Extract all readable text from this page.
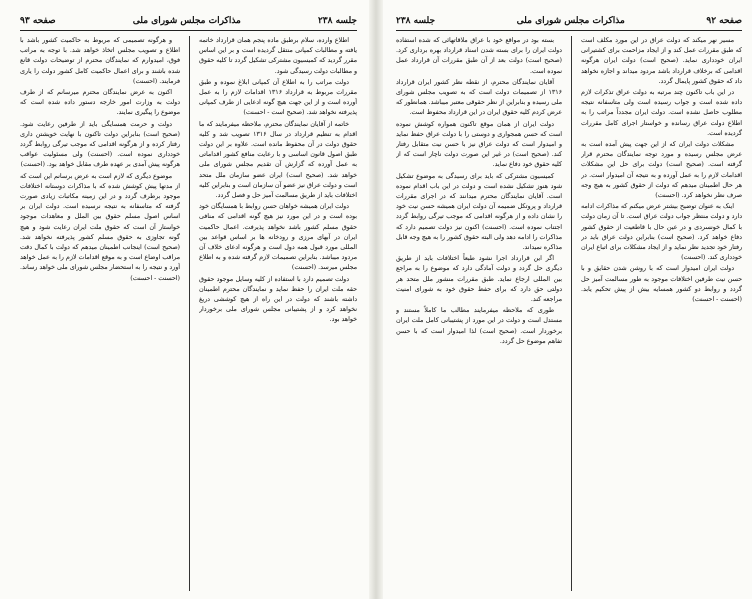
جلسه ۲۳۸
مذاکرات مجلس شورای ملی
صفحه ۹۳

اطلاع وارده، سلام برطبق ماده پنجم همان قرارداد خاتمه یافته و مطالبات کمپانی منتقل گردیده است و بر این اساس مقرر گردید که کمیسیون مشترکی تشکیل گردد تا کلیه حقوق و مطالبات دولت رسیدگی شود.

دولت مراتب را به اطلاع آن کمپانی ابلاغ نموده و طبق مقررات مربوط به قرارداد ۱۳۱۶ اقدامات لازم را به عمل آورده است و از این جهت هیچ گونه ادعایی از طرف کمپانی پذیرفته نخواهد شد. (صحیح است - احسنت)

خاتمه از آقایان نمایندگان محترم، ملاحظه میفرمایند که ما اقدام به تنظیم قرارداد در سال ۱۳۱۶ تصویب شد و کلیه حقوق دولت در آن محفوظ مانده است. علاوه بر این دولت طبق اصول قانون اساسی و با رعایت منافع کشور اقداماتی به عمل آورده که گزارش آن تقدیم مجلس شورای ملی خواهد شد. (صحیح است) ایران عضو سازمان ملل متحد است و دولت عراق نیز عضو آن سازمان است و بنابراین کلیه اختلافات باید از طریق مسالمت آمیز حل و فصل گردد.

دولت ایران همیشه خواهان حسن روابط با همسایگان خود بوده است و در این مورد نیز هیچ گونه اقدامی که منافی حقوق مسلم کشور باشد نخواهد پذیرفت. اعمال حاکمیت ایران در آبهای مرزی و رودخانه ها بر اساس قواعد بین المللی مورد قبول همه دول است و هرگونه ادعای خلاف آن مردود میباشد. بنابراین تصمیمات لازم گرفته شده و به اطلاع مجلس میرسد. (احسنت)

دولت تصمیم دارد با استفاده از کلیه وسایل موجود حقوق حقه ملت ایران را حفظ نماید و نمایندگان محترم اطمینان داشته باشند که دولت در این راه از هیچ کوششی دریغ نخواهد کرد و از پشتیبانی مجلس شورای ملی برخوردار خواهد بود.

و هرگونه تصمیمی که مربوط به حاکمیت کشور باشد با اطلاع و تصویب مجلس اتخاذ خواهد شد. با توجه به مراتب فوق، امیدوارم که نمایندگان محترم از توضیحات دولت قانع شده باشند و برای اعمال حاکمیت کامل کشور دولت را یاری فرمایند. (احسنت)

اکنون به عرض نمایندگان محترم میرسانم که از طرف دولت به وزارت امور خارجه دستور داده شده است که موضوع را پیگیری نمایند.

دولت و حرمت همسایگی باید از طرفین رعایت شود. (صحیح است) بنابراین دولت تاکنون با نهایت خویشتن داری رفتار کرده و از هرگونه اقدامی که موجب تیرگی روابط گردد خودداری نموده است. (احسنت) ولی مسئولیت عواقب هرگونه پیش آمدی بر عهده طرف مقابل خواهد بود. (احسنت)

موضوع دیگری که لازم است به عرض برسانم این است که از مدتها پیش کوشش شده که با مذاکرات دوستانه اختلافات موجود برطرف گردد و در این زمینه مکاتبات زیادی صورت گرفته که متاسفانه به نتیجه نرسیده است. دولت ایران بر اساس اصول مسلم حقوق بین الملل و معاهدات موجود خواستار آن است که حقوق ملت ایران رعایت شود و هیچ گونه تجاوزی به حقوق مسلم کشور پذیرفته نخواهد شد. (صحیح است) اینجانب اطمینان میدهم که دولت با کمال دقت مراقب اوضاع است و به موقع اقدامات لازم را به عمل خواهد آورد و نتیجه را به استحضار مجلس شورای ملی خواهد رساند. (احسنت - احسنت)

صفحه ۹۲
مذاکرات مجلس شورای ملی
جلسه ۲۳۸

مسیر نهر میکند که دولت عراق در این مورد مکلف است که طبق مقررات عمل کند و از ایجاد مزاحمت برای کشتیرانی ایران خودداری نماید. (صحیح است) دولت ایران هرگونه اقدامی که برخلاف قرارداد باشد مردود میداند و اجازه نخواهد داد که حقوق کشور پایمال گردد.

در این باب تاکنون چند مرتبه به دولت عراق تذکرات لازم داده شده است و جواب رسیده است ولی متاسفانه نتیجه مطلوب حاصل نشده است. دولت ایران مجدداً مراتب را به اطلاع دولت عراق رسانده و خواستار اجرای کامل مقررات گردیده است.

مشکلات دولت ایران که از این جهت پیش آمده است به عرض مجلس رسیده و مورد توجه نمایندگان محترم قرار گرفته است. (صحیح است) دولت برای حل این مشکلات اقدامات لازم را به عمل آورده و به نتیجه آن امیدوار است. در هر حال اطمینان میدهم که دولت از حقوق کشور به هیچ وجه صرف نظر نخواهد کرد. (احسنت)

اینک به عنوان توضیح بیشتر عرض میکنم که مذاکرات ادامه دارد و دولت منتظر جواب دولت عراق است. تا آن زمان دولت با کمال خونسردی و در عین حال با قاطعیت از حقوق کشور دفاع خواهد کرد. (صحیح است) بنابراین دولت عراق باید در رفتار خود تجدید نظر نماید و از ایجاد مشکلات برای اتباع ایران خودداری کند. (احسنت)

دولت ایران امیدوار است که با روشن شدن حقایق و با حسن نیت طرفین اختلافات موجود به طور مسالمت آمیز حل گردد و روابط دو کشور همسایه بیش از پیش تحکیم یابد. (احسنت - احسنت)

بسته بود در مواقع خود با عراق ملاقاتهائی که شده استفاده دولت ایران را برای بسته شدن اسناد قرارداد بهره برداری کرد. (صحیح است) دولت بعد از آن طبق مقررات آن قرارداد عمل نموده است.

آقایان نمایندگان محترم، از نقطه نظر کشور ایران قرارداد ۱۳۱۶ از تصمیمات دولت است که به تصویب مجلس شورای ملی رسیده و بنابراین از نظر حقوقی معتبر میباشد. همانطور که عرض کردم کلیه حقوق ایران در این قرارداد محفوظ است.

دولت ایران از همان موقع تاکنون همواره کوشش نموده است که حسن همجواری و دوستی را با دولت عراق حفظ نماید و امیدوار است که دولت عراق نیز با حسن نیت متقابل رفتار کند. (صحیح است) در غیر این صورت دولت ناچار است که از کلیه حقوق خود دفاع نماید.

کمیسیون مشترکی که باید برای رسیدگی به موضوع تشکیل شود هنوز تشکیل نشده است و دولت در این باب اقدام نموده است. آقایان نمایندگان محترم میدانند که در اجرای مقررات قرارداد و پروتکل ضمیمه آن دولت ایران همیشه حسن نیت خود را نشان داده و از هرگونه اقدامی که موجب تیرگی روابط گردد اجتناب نموده است. (احسنت) اکنون نیز دولت تصمیم دارد که مذاکرات را ادامه دهد ولی البته حقوق کشور را به هیچ وجه قابل مذاکره نمیداند.

اگر این قرارداد اجرا نشود طبعاً اختلافات باید از طریق دیگری حل گردد و دولت آمادگی دارد که موضوع را به مراجع بین المللی ارجاع نماید. طبق مقررات منشور ملل متحد هر دولتی حق دارد که برای حفظ حقوق خود به شورای امنیت مراجعه کند.

طوری که ملاحظه میفرمایند مطالب ما کاملاً مستند و مستدل است و دولت در این مورد از پشتیبانی کامل ملت ایران برخوردار است. (صحیح است) لذا امیدوار است که با حسن تفاهم موضوع حل گردد.
